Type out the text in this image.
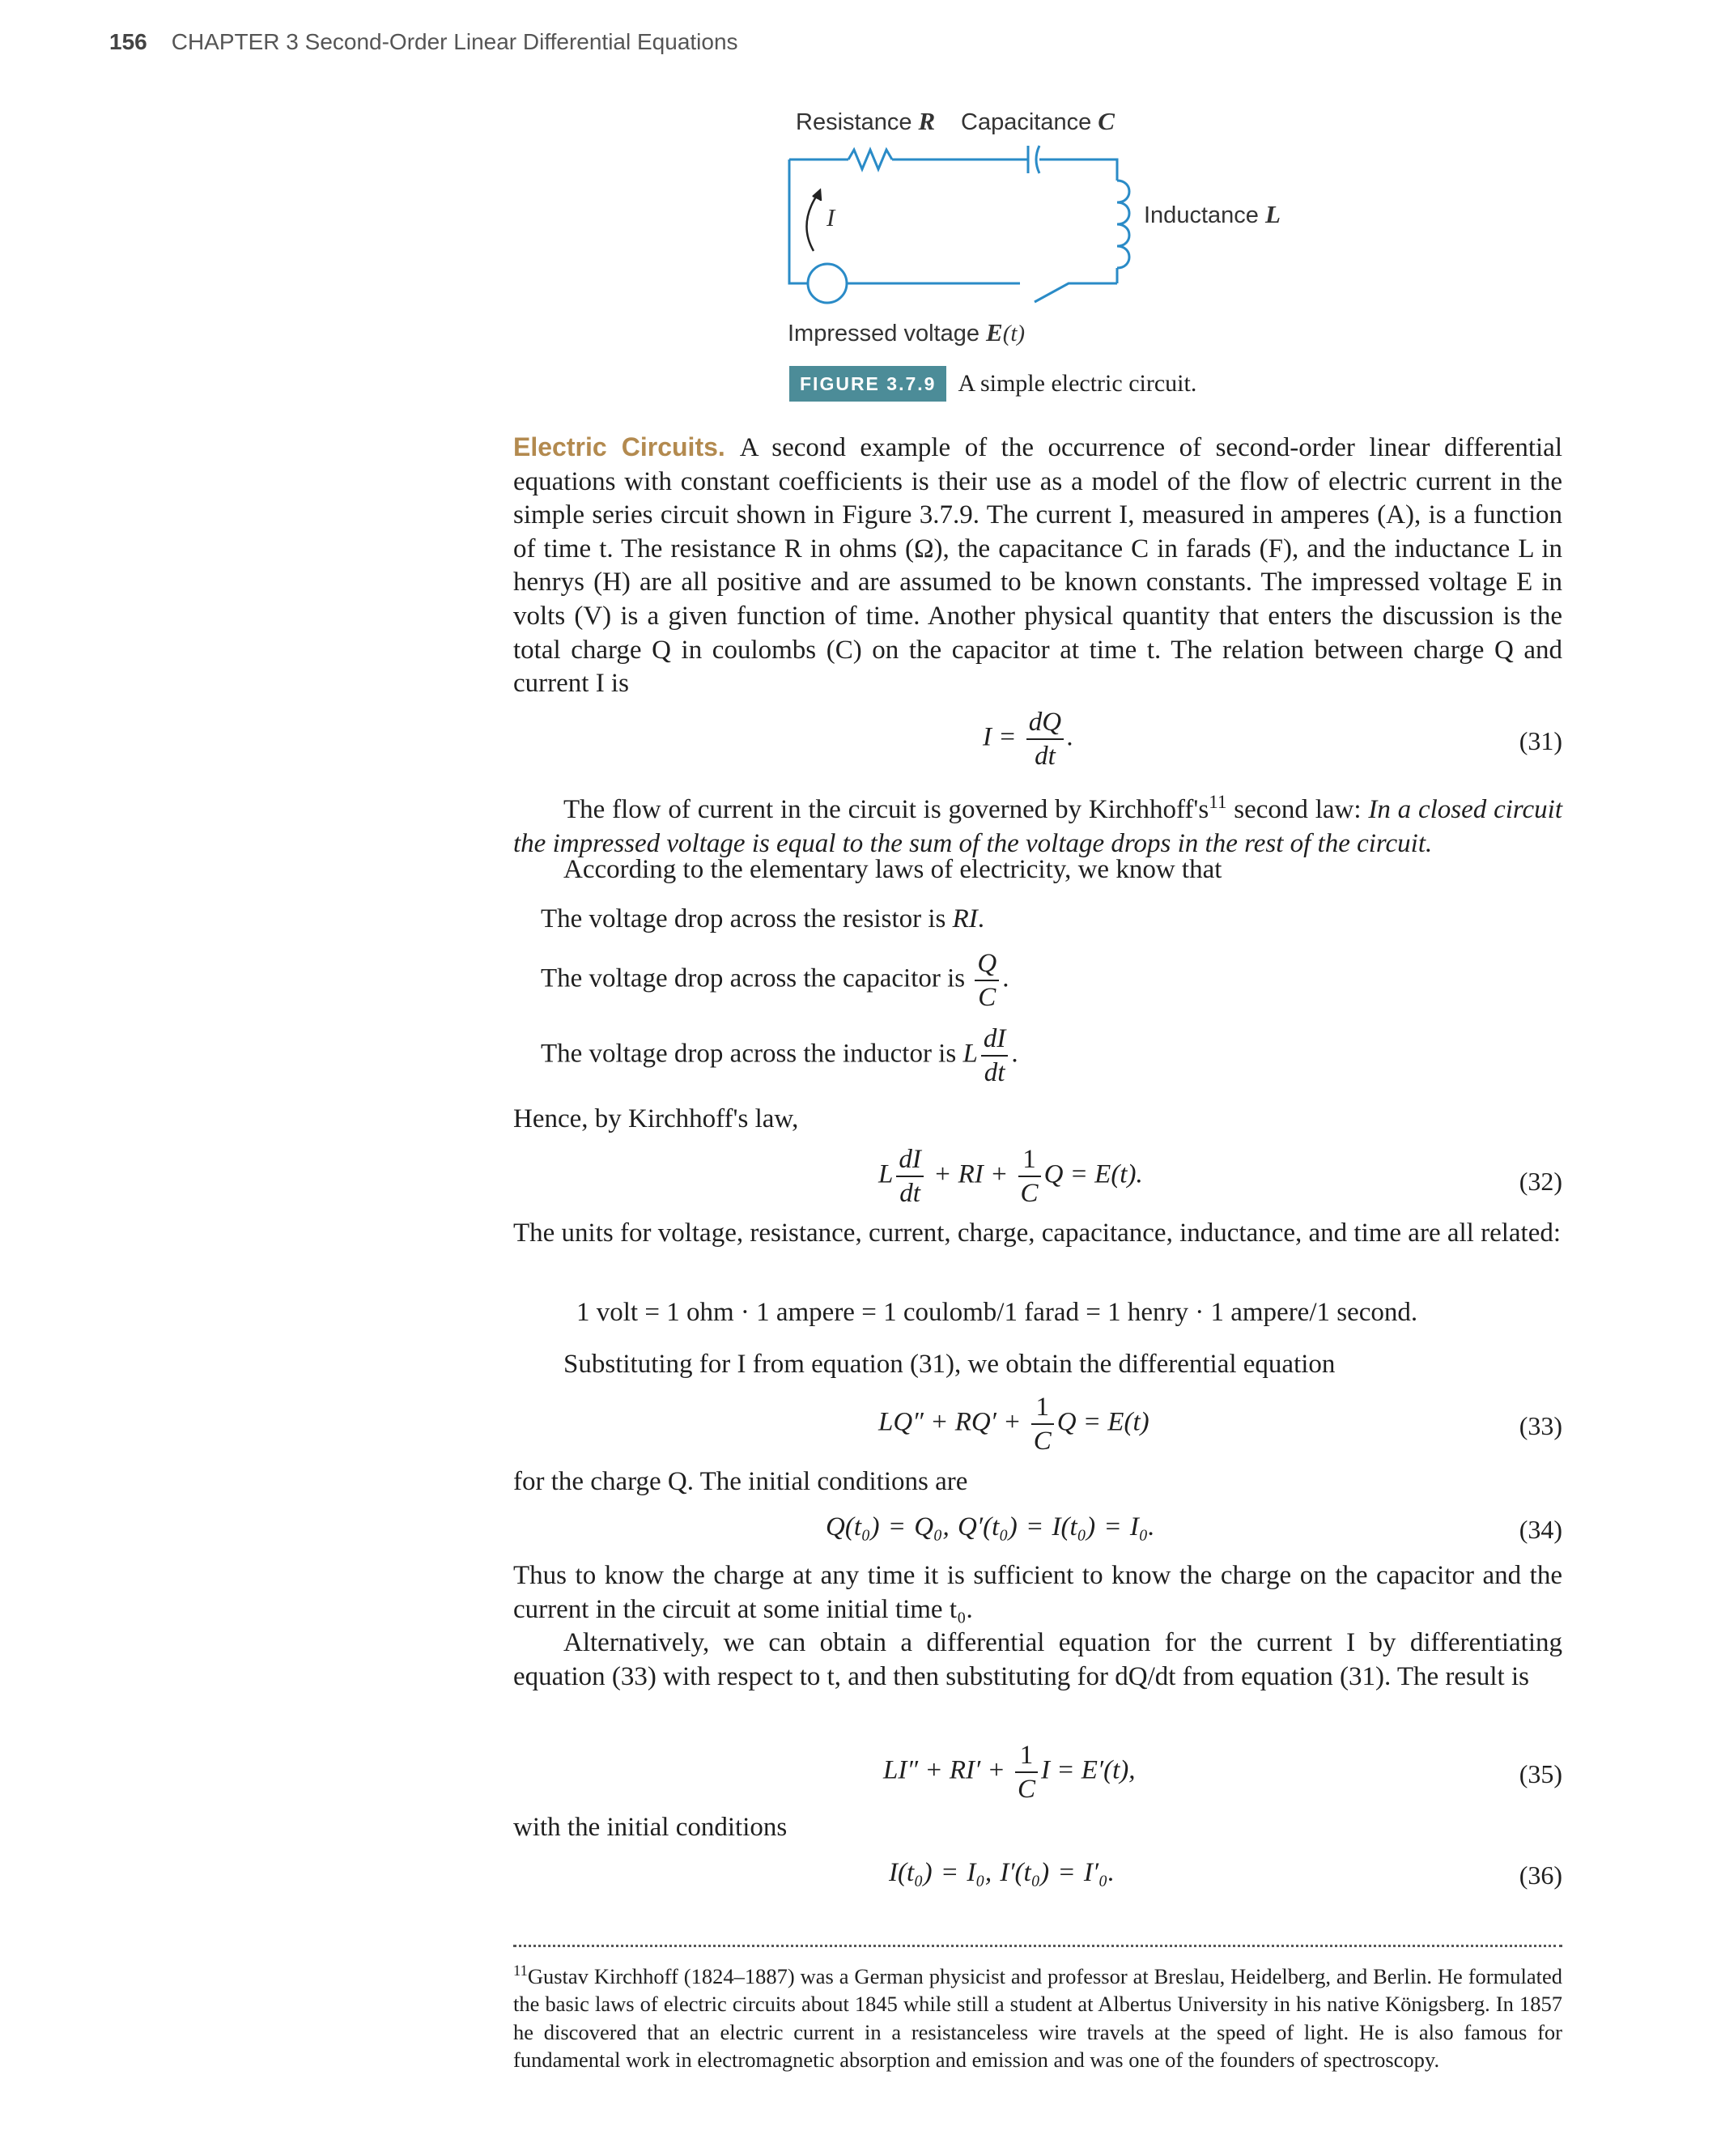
156 CHAPTER 3 Second-Order Linear Differential Equations
Resistance R Capacitance C
Inductance L
I
Impressed voltage E(t)
FIGURE 3.7.9 A simple electric circuit.
Electric Circuits. A second example of the occurrence of second-order linear differential equations with constant coefficients is their use as a model of the flow of electric current in the simple series circuit shown in Figure 3.7.9. The current I, measured in amperes (A), is a function of time t. The resistance R in ohms (Ω), the capacitance C in farads (F), and the inductance L in henrys (H) are all positive and are assumed to be known constants. The impressed voltage E in volts (V) is a given function of time. Another physical quantity that enters the discussion is the total charge Q in coulombs (C) on the capacitor at time t. The relation between charge Q and current I is
$I = \frac{dQ}{dt}$ .	(31)
The flow of current in the circuit is governed by $Kirchhoff's^{11}$ second law: In a closed circuit the impressed voltage is equal to the sum of the voltage drops in the rest of the circuit.
According to the elementary laws of electricity, we know that
The voltage drop across the resistor is RI.
The voltage drop across the capacitor is $\frac{Q}{C}$ .
The voltage drop across the inductor is L $\frac{dI}{dt}$ .
Hence, by Kirchhoff's law,
L $\frac{dI}{dt}$ + RI + $\frac{1}{C}$ Q = E(t).	(32)
The units for voltage, resistance, current, charge, capacitance, inductance, and time are all related:
1 volt = 1 ohm · 1 ampere = 1 coulomb/1 farad = 1 henry · 1 ampere/1 second.
Substituting for I from equation (31), we obtain the differential equation
$LQ'' + RQ' + \frac{1}{C}$ Q = E(t)	(33)
for the charge Q. The initial conditions are
Q(t₀) = Q₀, Q′(t₀) = I(t₀) = I₀.	(34)
Thus to know the charge at any time it is sufficient to know the charge on the capacitor and the current in the circuit at some initial time t₀.
Alternatively, we can obtain a differential equation for the current I by differentiating equation (33) with respect to t, and then substituting for dQ/dt from equation (31). The result is
$LI'' + RI' + \frac{1}{C}$ I = E′(t),	(35)
with the initial conditions
I(t₀) = I₀, I′(t₀) = I′₀.	(36)
$^{11}$Gustav Kirchhoff (1824–1887) was a German physicist and professor at Breslau, Heidelberg, and Berlin. He formulated the basic laws of electric circuits about 1845 while still a student at Albertus University in his native Königsberg. In 1857 he discovered that an electric current in a resistanceless wire travels at the speed of light. He is also famous for fundamental work in electromagnetic absorption and emission and was one of the founders of spectroscopy.
